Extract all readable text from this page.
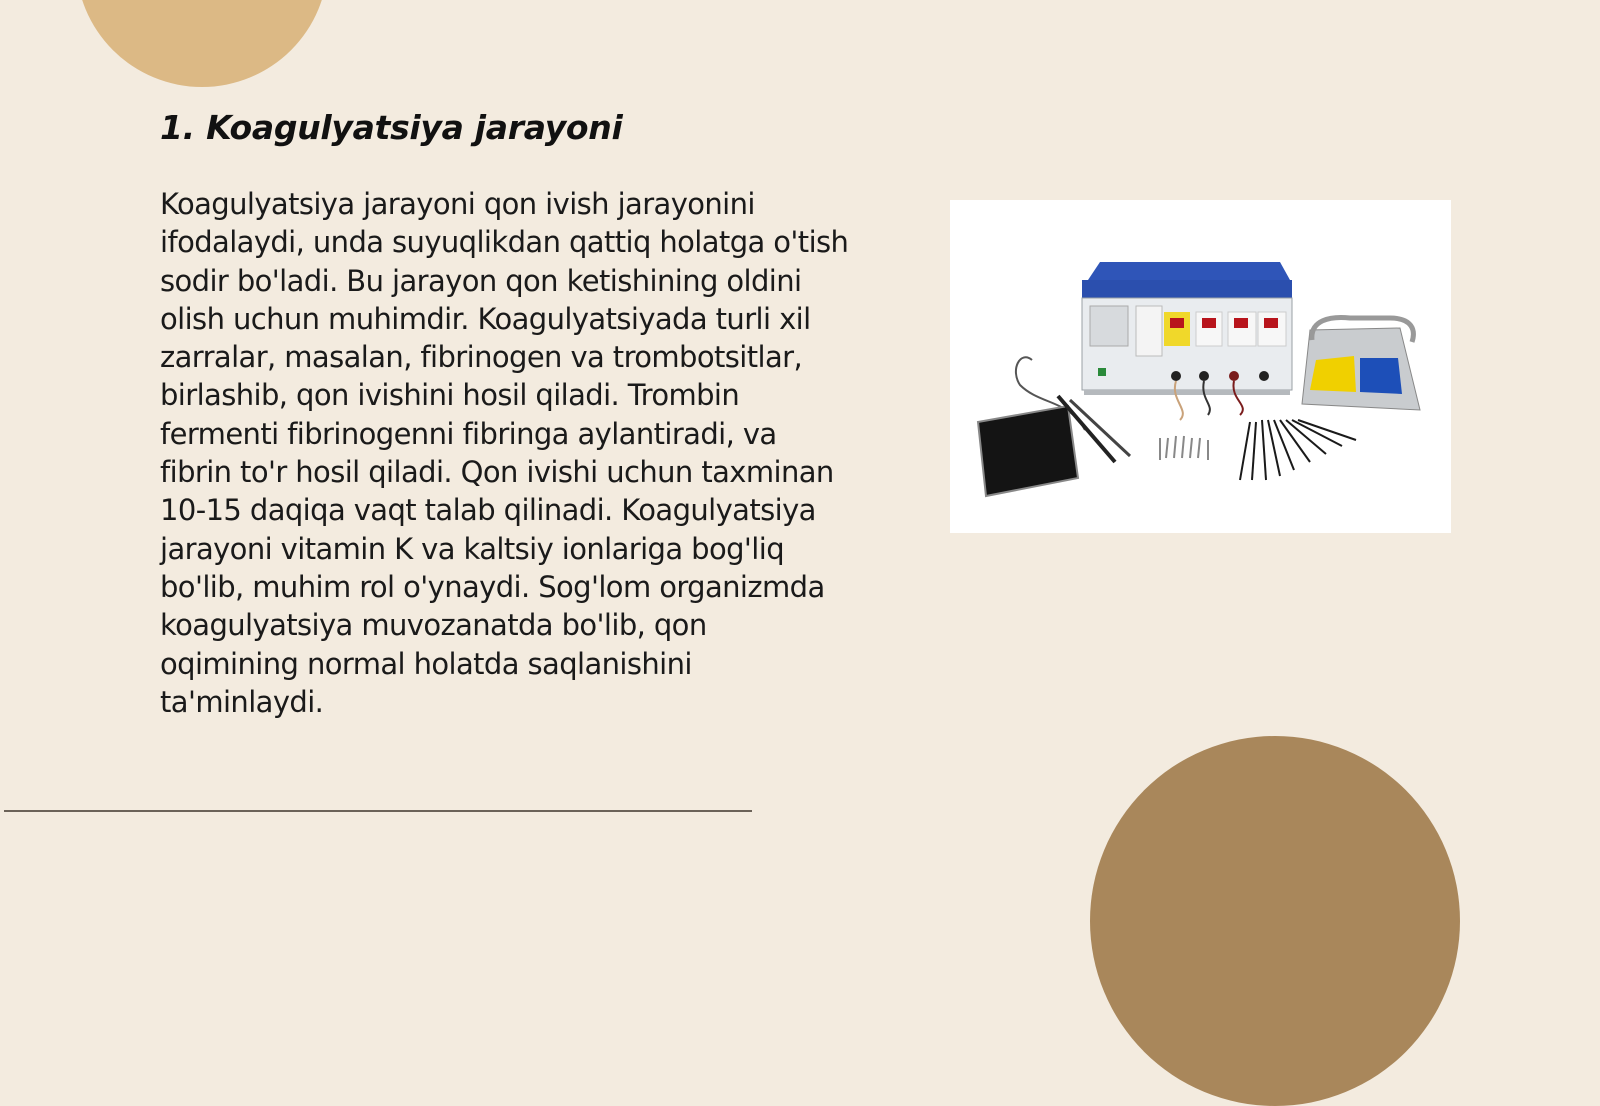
1. Koagulyatsiya jarayoni

Koagulyatsiya jarayoni qon ivish jarayonini ifodalaydi, unda suyuqlikdan qattiq holatga o'tish sodir bo'ladi. Bu jarayon qon ketishining oldini olish uchun muhimdir. Koagulyatsiyada turli xil zarralar, masalan, fibrinogen va trombotsitlar, birlashib, qon ivishini hosil qiladi. Trombin fermenti fibrinogenni fibringa aylantiradi, va fibrin to'r hosil qiladi. Qon ivishi uchun taxminan 10-15 daqiqa vaqt talab qilinadi. Koagulyatsiya jarayoni vitamin K va kaltsiy ionlariga bog'liq bo'lib, muhim rol o'ynaydi. Sog'lom organizmda koagulyatsiya muvozanatda bo'lib, qon oqimining normal holatda saqlanishini ta'minlaydi.
